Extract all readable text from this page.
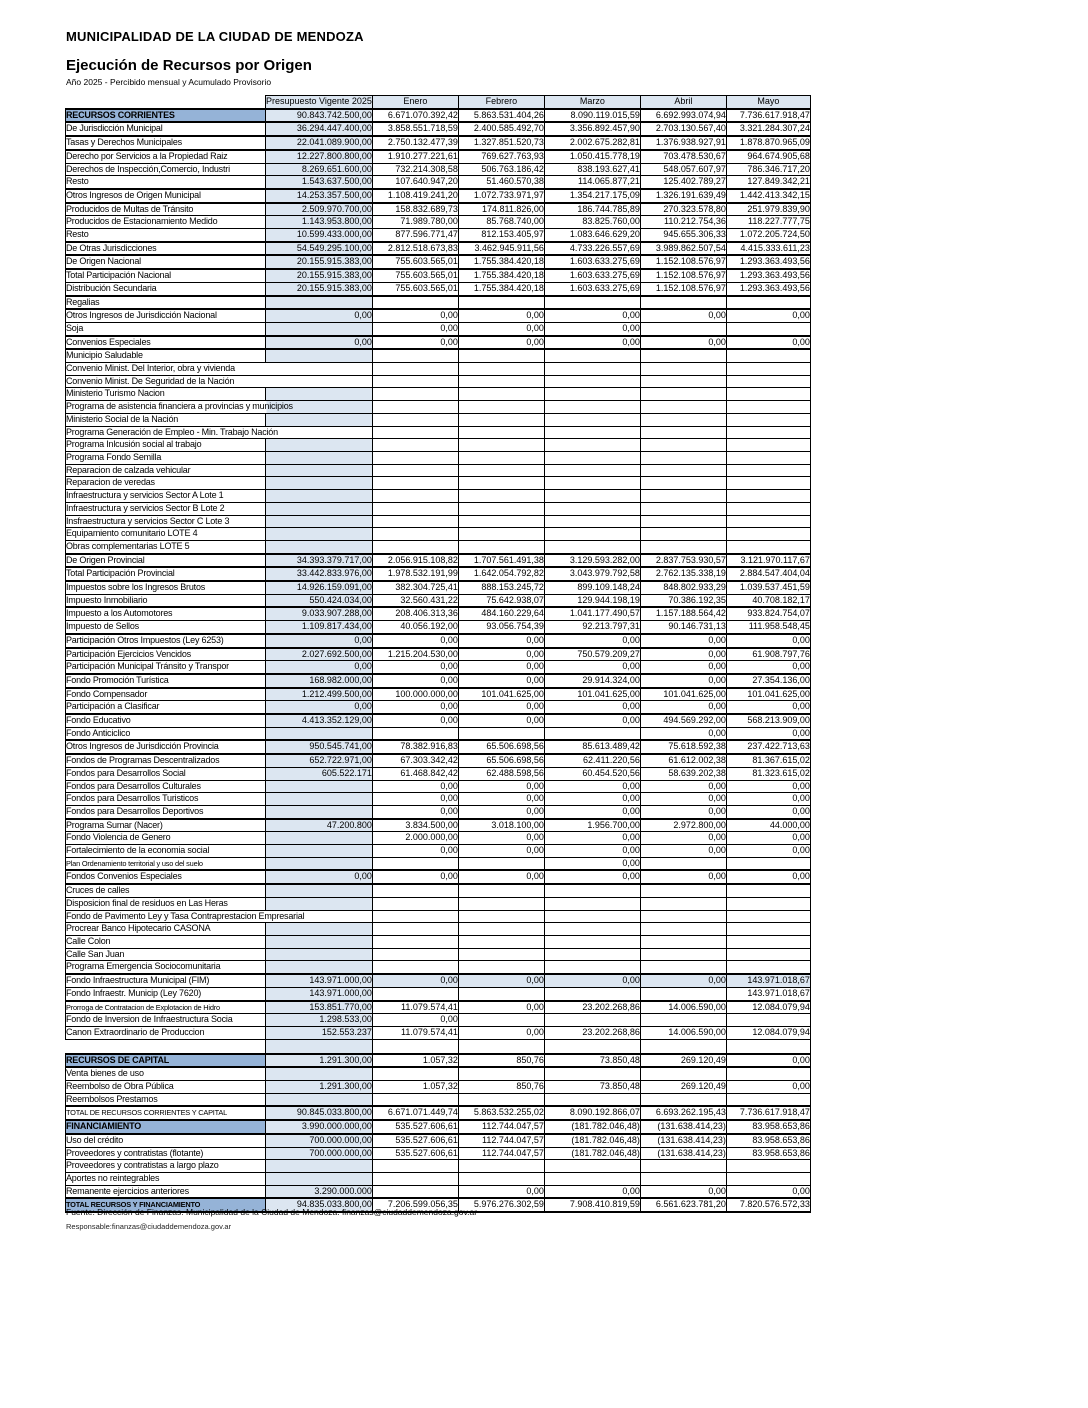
MUNICIPALIDAD DE LA CIUDAD DE MENDOZA
Ejecución de Recursos por Origen
Año 2025 - Percibido mensual y Acumulado Provisorio
	Presupuesto Vigente 2025	Enero	Febrero	Marzo	Abril	Mayo
RECURSOS CORRIENTES	90.843.742.500,00	6.671.070.392,42	5.863.531.404,26	8.090.119.015,59	6.692.993.074,94	7.736.617.918,47
De Jurisdicción Municipal	36.294.447.400,00	3.858.551.718,59	2.400.585.492,70	3.356.892.457,90	2.703.130.567,40	3.321.284.307,24
Tasas y Derechos Municipales	22.041.089.900,00	2.750.132.477,39	1.327.851.520,73	2.002.675.282,81	1.376.938.927,91	1.878.870.965,09
Derecho por Servicios a la Propiedad Raiz	12.227.800.800,00	1.910.277.221,61	769.627.763,93	1.050.415.778,19	703.478.530,67	964.674.905,68
Derechos de Inspección,Comercio, Industri	8.269.651.600,00	732.214.308,58	506.763.186,42	838.193.627,41	548.057.607,97	786.346.717,20
Resto	1.543.637.500,00	107.640.947,20	51.460.570,38	114.065.877,21	125.402.789,27	127.849.342,21
Otros Ingresos de Origen Municipal	14.253.357.500,00	1.108.419.241,20	1.072.733.971,97	1.354.217.175,09	1.326.191.639,49	1.442.413.342,15
Producidos de Multas de Tránsito	2.509.970.700,00	158.832.689,73	174.811.826,00	186.744.785,89	270.323.578,80	251.979.839,90
Producidos de Estacionamiento Medido	1.143.953.800,00	71.989.780,00	85.768.740,00	83.825.760,00	110.212.754,36	118.227.777,75
Resto	10.599.433.000,00	877.596.771,47	812.153.405,97	1.083.646.629,20	945.655.306,33	1.072.205.724,50
De Otras Jurisdicciones	54.549.295.100,00	2.812.518.673,83	3.462.945.911,56	4.733.226.557,69	3.989.862.507,54	4.415.333.611,23
De Origen Nacional	20.155.915.383,00	755.603.565,01	1.755.384.420,18	1.603.633.275,69	1.152.108.576,97	1.293.363.493,56
Total Participación Nacional	20.155.915.383,00	755.603.565,01	1.755.384.420,18	1.603.633.275,69	1.152.108.576,97	1.293.363.493,56
Distribución Secundaria	20.155.915.383,00	755.603.565,01	1.755.384.420,18	1.603.633.275,69	1.152.108.576,97	1.293.363.493,56
Regalias						
Otros Ingresos de Jurisdicción Nacional	0,00	0,00	0,00	0,00	0,00	0,00
Soja		0,00	0,00	0,00		
Convenios Especiales	0,00	0,00	0,00	0,00	0,00	0,00
Municipio Saludable						
Convenio Minist. Del Interior, obra y vivienda						
Convenio Minist. De Seguridad de la Nación						
Ministerio Turismo Nacion						
Programa de asistencia financiera a provincias y municipios						
Ministerio Social de la Nación						
Programa Generación de Empleo - Min. Trabajo Nación						
Programa Inlcusión social al trabajo						
Programa Fondo Semilla						
Reparacion de calzada vehicular						
Reparacion de veredas						
Infraestructura y servicios Sector A Lote 1						
Infraestructura y servicios Sector B Lote 2						
Insfraestructura y servicios Sector C Lote 3						
Equipamiento comunitario LOTE 4						
Obras complementarias LOTE 5						
De Origen Provincial	34.393.379.717,00	2.056.915.108,82	1.707.561.491,38	3.129.593.282,00	2.837.753.930,57	3.121.970.117,67
Total Participación Provincial	33.442.833.976,00	1.978.532.191,99	1.642.054.792,82	3.043.979.792,58	2.762.135.338,19	2.884.547.404,04
Impuestos sobre los Ingresos Brutos	14.926.159.091,00	382.304.725,41	888.153.245,72	899.109.148,24	848.802.933,29	1.039.537.451,59
Impuesto Inmobiliario	550.424.034,00	32.560.431,22	75.642.938,07	129.944.198,19	70.386.192,35	40.708.182,17
Impuesto a los Automotores	9.033.907.288,00	208.406.313,36	484.160.229,64	1.041.177.490,57	1.157.188.564,42	933.824.754,07
Impuesto de Sellos	1.109.817.434,00	40.056.192,00	93.056.754,39	92.213.797,31	90.146.731,13	111.958.548,45
Participación Otros Impuestos (Ley 6253)	0,00	0,00	0,00	0,00	0,00	0,00
Participación Ejercicios Vencidos	2.027.692.500,00	1.215.204.530,00	0,00	750.579.209,27	0,00	61.908.797,76
Participación Municipal Tránsito y Transpor	0,00	0,00	0,00	0,00	0,00	0,00
Fondo Promoción Turística	168.982.000,00	0,00	0,00	29.914.324,00	0,00	27.354.136,00
Fondo Compensador	1.212.499.500,00	100.000.000,00	101.041.625,00	101.041.625,00	101.041.625,00	101.041.625,00
Participación a Clasificar	0,00	0,00	0,00	0,00	0,00	0,00
Fondo Educativo	4.413.352.129,00	0,00	0,00	0,00	494.569.292,00	568.213.909,00
Fondo Anticiclico					0,00	0,00
Otros Ingresos de Jurisdicción Provincia	950.545.741,00	78.382.916,83	65.506.698,56	85.613.489,42	75.618.592,38	237.422.713,63
Fondos de Programas Descentralizados	652.722.971,00	67.303.342,42	65.506.698,56	62.411.220,56	61.612.002,38	81.367.615,02
Fondos para Desarrollos Social	605.522.171	61.468.842,42	62.488.598,56	60.454.520,56	58.639.202,38	81.323.615,02
Fondos para Desarrollos Culturales		0,00	0,00	0,00	0,00	0,00
Fondos para Desarrollos Turisticos		0,00	0,00	0,00	0,00	0,00
Fondos para Desarrollos Deportivos		0,00	0,00	0,00	0,00	0,00
Programa Sumar (Nacer)	47.200.800	3.834.500,00	3.018.100,00	1.956.700,00	2.972.800,00	44.000,00
Fondo Violencia de Genero		2.000.000,00	0,00	0,00	0,00	0,00
Fortalecimiento de la economia social		0,00	0,00	0,00	0,00	0,00
Plan Ordenamiento territorial y uso del suelo				0,00		
Fondos Convenios Especiales	0,00	0,00	0,00	0,00	0,00	0,00
Cruces de calles						
Disposicion final de residuos en Las Heras						
Fondo de Pavimento Ley y Tasa Contraprestacion Empresarial						
Procrear Banco Hipotecario CASONA						
Calle Colon						
Calle San Juan						
Programa Emergencia Sociocomunitaria						
Fondo Infraestructura Municipal (FIM)	143.971.000,00	0,00	0,00	0,00	0,00	143.971.018,67
Fondo Infraestr. Municip (Ley 7620)	143.971.000,00					143.971.018,67
Prorroga de Contratacion de Explotacion de Hidro	153.851.770,00	11.079.574,41	0,00	23.202.268,86	14.006.590,00	12.084.079,94
Fondo de Inversion de Infraestructura Socia	1.298.533,00	0,00				
Canon Extraordinario de Produccion	152.553.237	11.079.574,41	0,00	23.202.268,86	14.006.590,00	12.084.079,94

RECURSOS DE CAPITAL	1.291.300,00	1.057,32	850,76	73.850,48	269.120,49	0,00
Venta bienes de uso						
Reembolso de Obra Pública	1.291.300,00	1.057,32	850,76	73.850,48	269.120,49	0,00
Reembolsos Prestamos						
TOTAL DE RECURSOS CORRIENTES Y CAPITAL	90.845.033.800,00	6.671.071.449,74	5.863.532.255,02	8.090.192.866,07	6.693.262.195,43	7.736.617.918,47
FINANCIAMIENTO	3.990.000.000,00	535.527.606,61	112.744.047,57	(181.782.046,48)	(131.638.414,23)	83.958.653,86
Uso del crédito	700.000.000,00	535.527.606,61	112.744.047,57	(181.782.046,48)	(131.638.414,23)	83.958.653,86
Proveedores y contratistas (flotante)	700.000.000,00	535.527.606,61	112.744.047,57	(181.782.046,48)	(131.638.414,23)	83.958.653,86
Proveedores y contratistas a largo plazo						
Aportes no reintegrables						
Remanente ejercicios anteriores	3.290.000.000		0,00	0,00	0,00	0,00
TOTAL RECURSOS Y FINANCIAMIENTO	94.835.033.800,00	7.206.599.056,35	5.976.276.302,59	7.908.410.819,59	6.561.623.781,20	7.820.576.572,33
Fuente: Dirección de Finanzas. Municipalidad de la Ciudad de Mendoza. finanzas@ciudaddemendoza.gov.ar
Responsable:finanzas@ciudaddemendoza.gov.ar
